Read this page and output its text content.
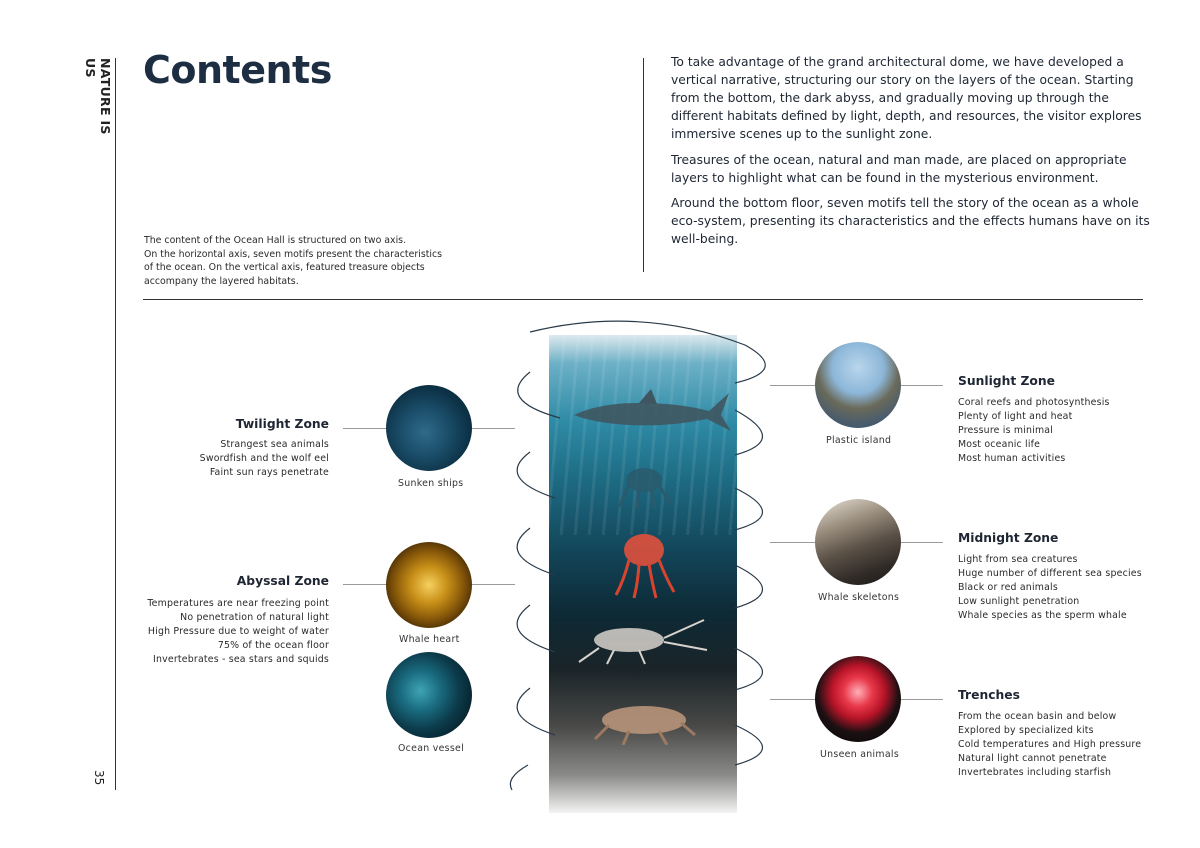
NATURE IS US
35
Contents
The content of the Ocean Hall is structured on two axis.
On the horizontal axis, seven motifs present the characteristics
of the ocean. On the vertical axis, featured treasure objects
accompany the layered habitats.

To take advantage of the grand architectural dome, we have developed a vertical narrative, structuring our story on the layers of the ocean. Starting from the bottom, the dark abyss, and gradually moving up through the different habitats defined by light, depth, and resources, the visitor explores immersive scenes up to the sunlight zone.

Treasures of the ocean, natural and man made, are placed on appropriate layers to highlight what can be found in the mysterious environment.

Around the bottom floor, seven motifs tell the story of the ocean as a whole eco-system, presenting its characteristics and the effects humans have on its well-being.

Plastic island
Whale skeletons
Unseen animals
Sunken ships
Whale heart
Ocean vessel
Sunlight Zone
Coral reefs and photosynthesis
Plenty of light and heat
Pressure is minimal
Most oceanic life
Most human activities
Midnight Zone
Light from sea creatures
Huge number of different sea species
Black or red animals
Low sunlight penetration
Whale species as the sperm whale
Trenches
From the ocean basin and below
Explored by specialized kits
Cold temperatures and High pressure
Natural light cannot penetrate
Invertebrates including starfish
Twilight Zone
Strangest sea animals
Swordfish and the wolf eel
Faint sun rays penetrate
Abyssal Zone
Temperatures are near freezing point
No penetration of natural light
High Pressure due to weight of water
75% of the ocean floor
Invertebrates - sea stars and squids
